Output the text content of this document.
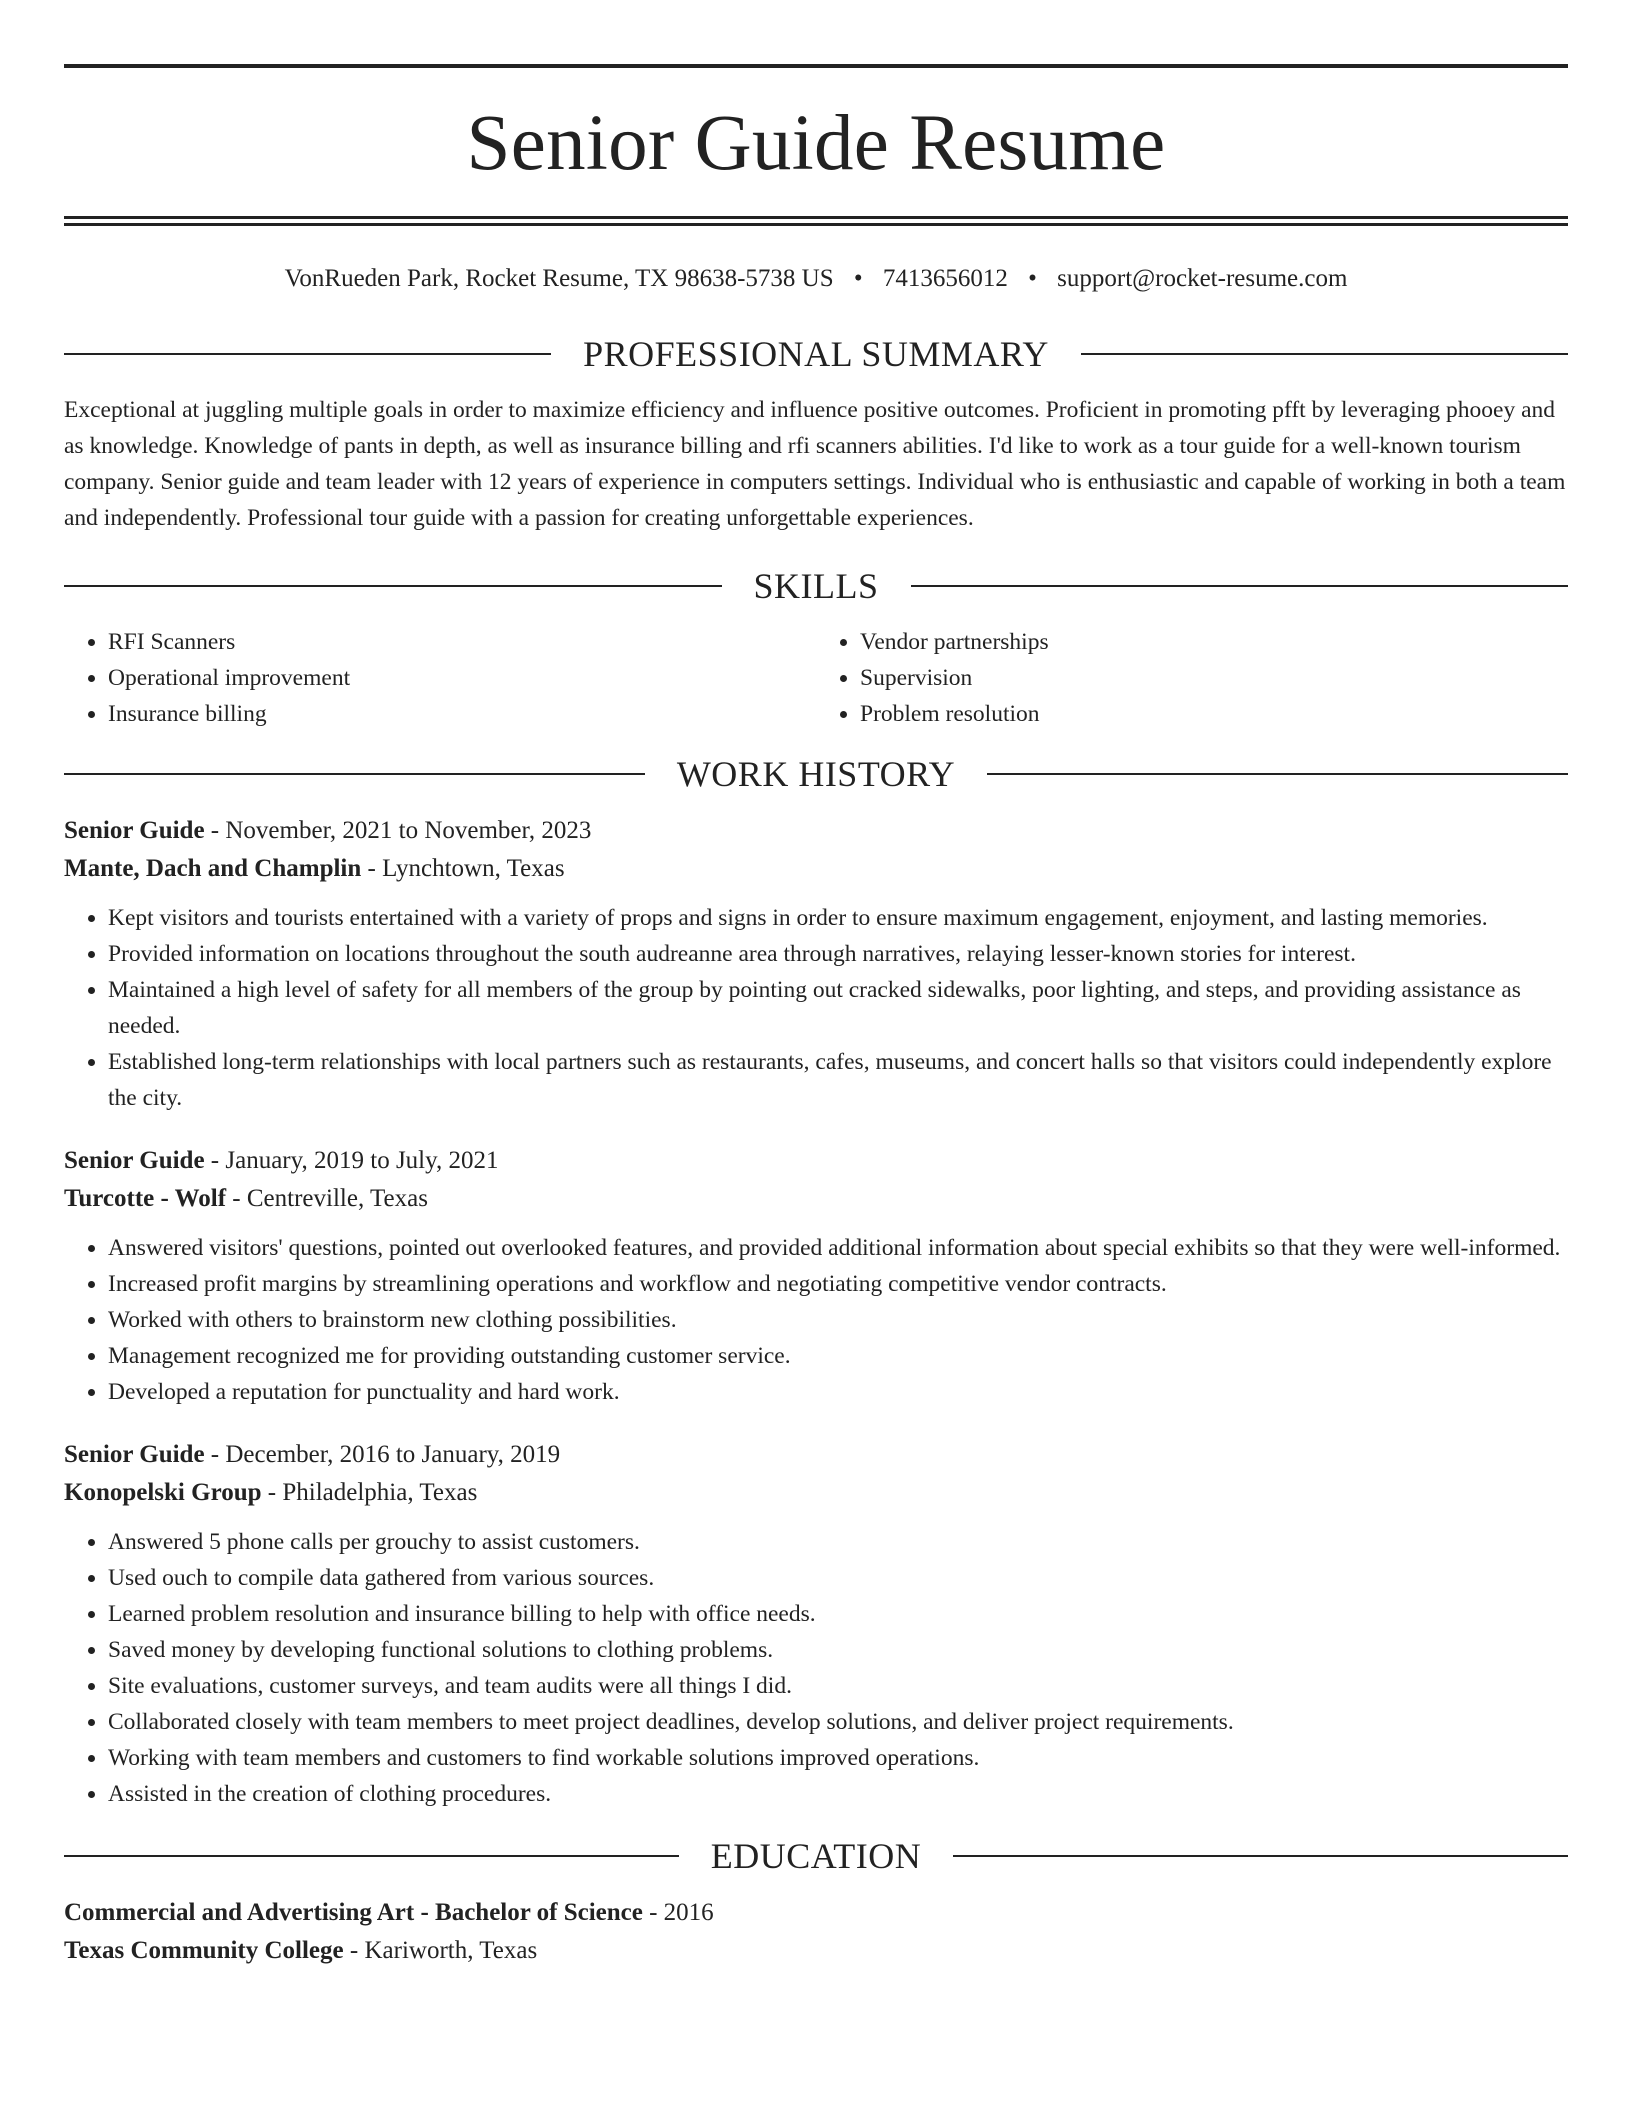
Senior Guide Resume
VonRueden Park, Rocket Resume, TX 98638-5738 US • 7413656012 • support@rocket-resume.com
PROFESSIONAL SUMMARY

Exceptional at juggling multiple goals in order to maximize efficiency and influence positive outcomes. Proficient in promoting pfft by leveraging phooey and as knowledge. Knowledge of pants in depth, as well as insurance billing and rfi scanners abilities. I'd like to work as a tour guide for a well-known tourism company. Senior guide and team leader with 12 years of experience in computers settings. Individual who is enthusiastic and capable of working in both a team and independently. Professional tour guide with a passion for creating unforgettable experiences.

SKILLS
• RFI Scanners
• Operational improvement
• Insurance billing
• Vendor partnerships
• Supervision
• Problem resolution
WORK HISTORY
Senior Guide - November, 2021 to November, 2023
Mante, Dach and Champlin - Lynchtown, Texas
• Kept visitors and tourists entertained with a variety of props and signs in order to ensure maximum engagement, enjoyment, and lasting memories.
• Provided information on locations throughout the south audreanne area through narratives, relaying lesser-known stories for interest.
• Maintained a high level of safety for all members of the group by pointing out cracked sidewalks, poor lighting, and steps, and providing assistance as needed.
• Established long-term relationships with local partners such as restaurants, cafes, museums, and concert halls so that visitors could independently explore the city.
Senior Guide - January, 2019 to July, 2021
Turcotte - Wolf - Centreville, Texas
• Answered visitors' questions, pointed out overlooked features, and provided additional information about special exhibits so that they were well-informed.
• Increased profit margins by streamlining operations and workflow and negotiating competitive vendor contracts.
• Worked with others to brainstorm new clothing possibilities.
• Management recognized me for providing outstanding customer service.
• Developed a reputation for punctuality and hard work.
Senior Guide - December, 2016 to January, 2019
Konopelski Group - Philadelphia, Texas
• Answered 5 phone calls per grouchy to assist customers.
• Used ouch to compile data gathered from various sources.
• Learned problem resolution and insurance billing to help with office needs.
• Saved money by developing functional solutions to clothing problems.
• Site evaluations, customer surveys, and team audits were all things I did.
• Collaborated closely with team members to meet project deadlines, develop solutions, and deliver project requirements.
• Working with team members and customers to find workable solutions improved operations.
• Assisted in the creation of clothing procedures.
EDUCATION
Commercial and Advertising Art - Bachelor of Science - 2016
Texas Community College - Kariworth, Texas
